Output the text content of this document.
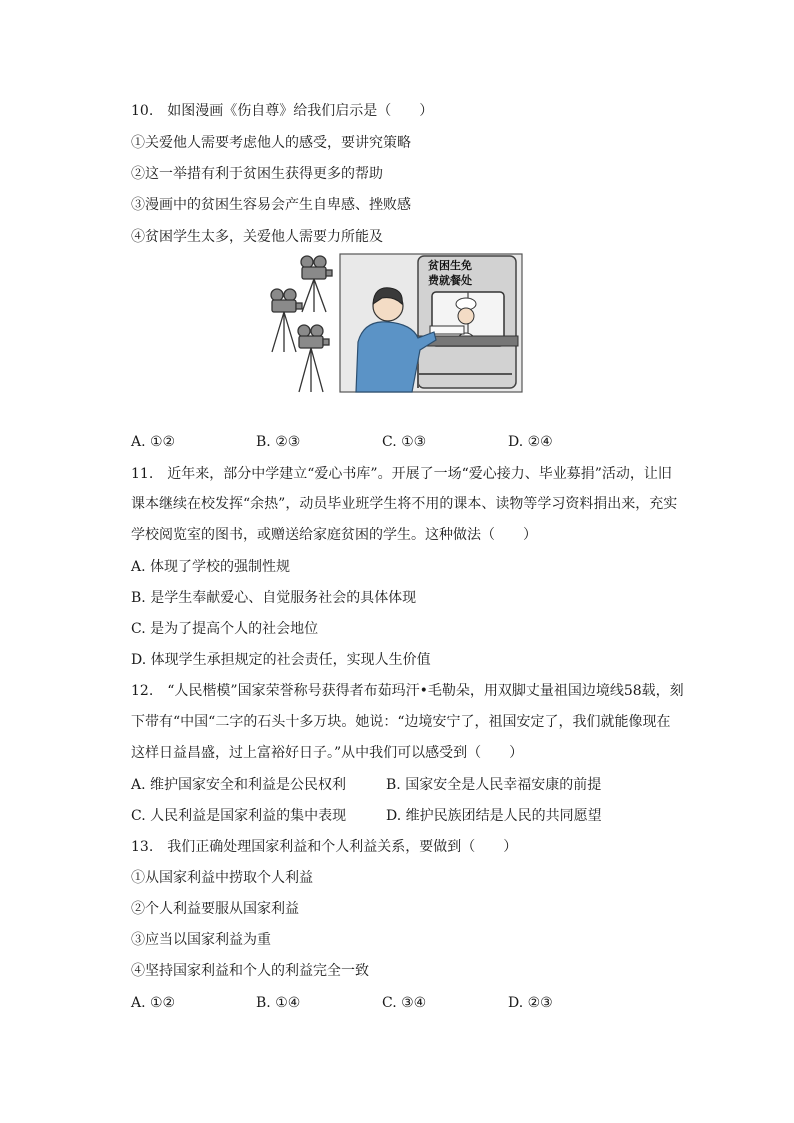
10.　如图漫画《伤自尊》给我们启示是（　　）
①关爱他人需要考虑他人的感受，要讲究策略
②这一举措有利于贫困生获得更多的帮助
③漫画中的贫困生容易会产生自卑感、挫败感
④贫困学生太多，关爱他人需要力所能及
贫困生免
费就餐处
A. ①②	B. ②③	C. ①③	D. ②④
11.　近年来，部分中学建立“爱心书库”。开展了一场“爱心接力、毕业募捐”活动，让旧
课本继续在校发挥“余热”，动员毕业班学生将不用的课本、读物等学习资料捐出来，充实
学校阅览室的图书，或赠送给家庭贫困的学生。这种做法（　　）
A. 体现了学校的强制性规
B. 是学生奉献爱心、自觉服务社会的具体体现
C. 是为了提高个人的社会地位
D. 体现学生承担规定的社会责任，实现人生价值
12.　“人民楷模”国家荣誉称号获得者布茹玛汗•毛勒朵，用双脚丈量祖国边境线58载，刻
下带有“中国“二字的石头十多万块。她说：“边境安宁了，祖国安定了，我们就能像现在
这样日益昌盛，过上富裕好日子。”从中我们可以感受到（　　）
A. 维护国家安全和利益是公民权利	B. 国家安全是人民幸福安康的前提
C. 人民利益是国家利益的集中表现	D. 维护民族团结是人民的共同愿望
13.　我们正确处理国家利益和个人利益关系，要做到（　　）
①从国家利益中捞取个人利益
②个人利益要服从国家利益
③应当以国家利益为重
④坚持国家利益和个人的利益完全一致
A. ①②	B. ①④	C. ③④	D. ②③
